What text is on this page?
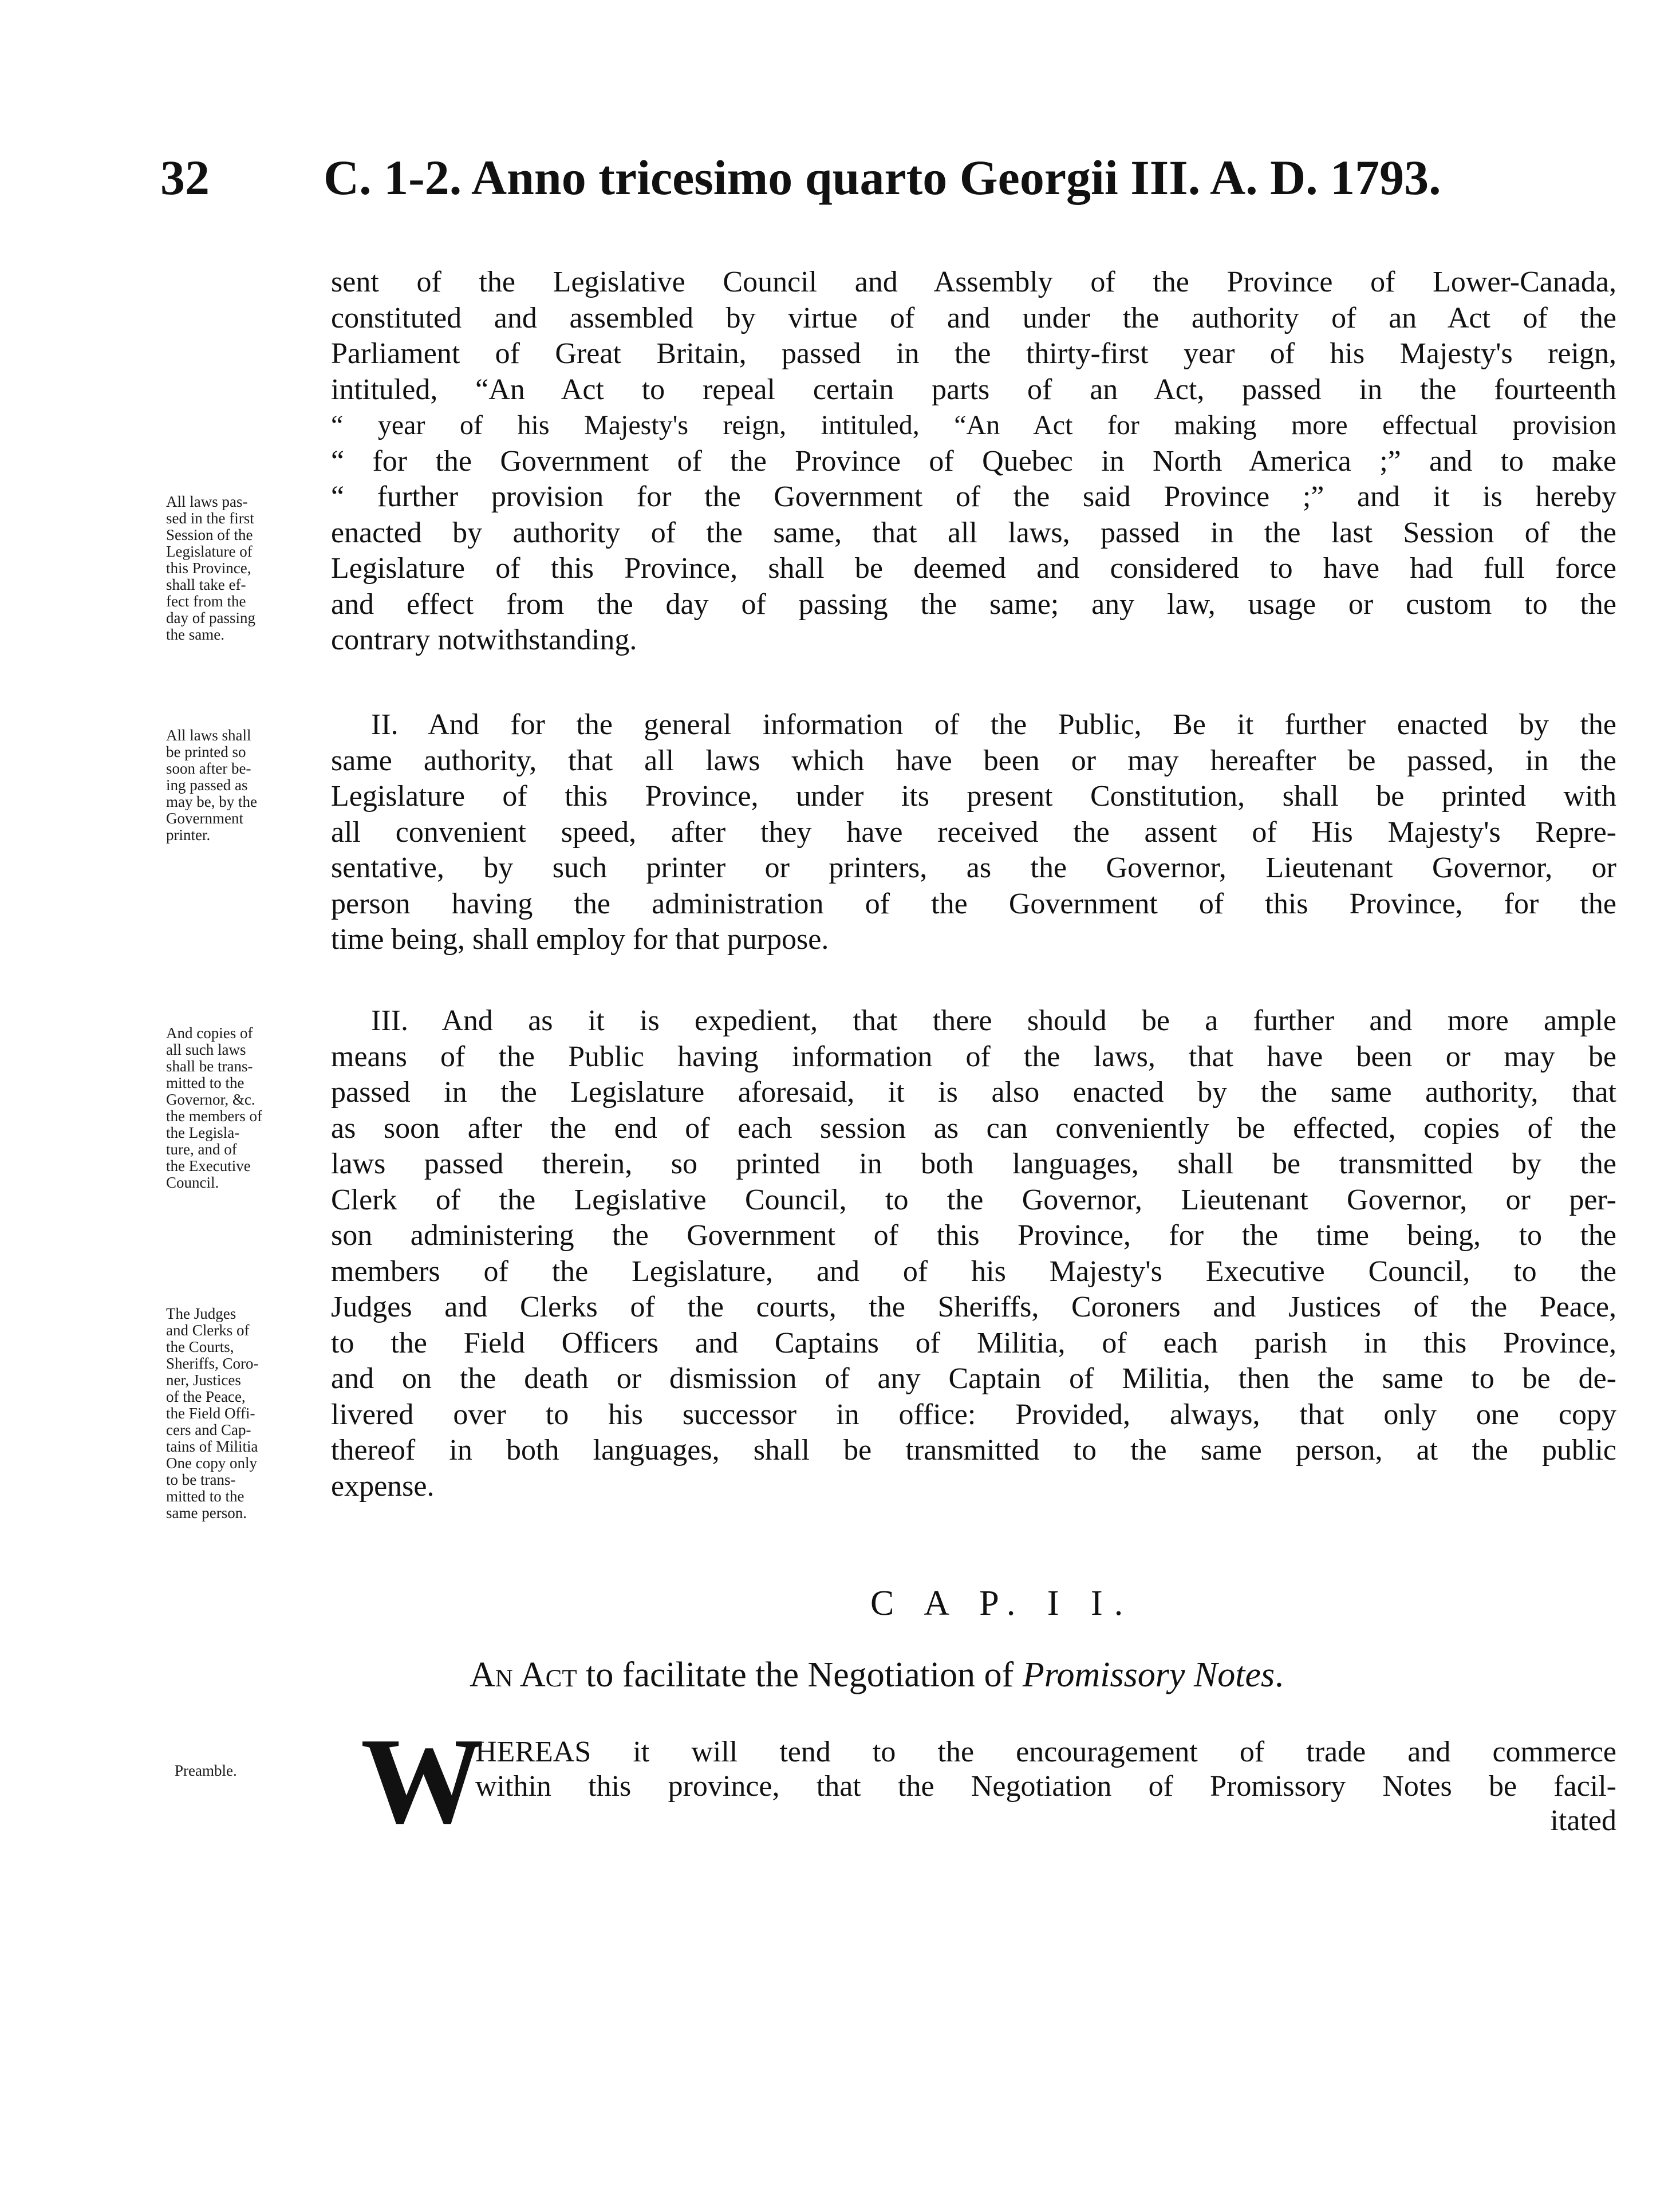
32 C. 1-2. Anno tricesimo quarto Georgii III. A. D. 1793.
sent of the Legislative Council and Assembly of the Province of Lower-Canada,
constituted and assembled by virtue of and under the authority of an Act of the
Parliament of Great Britain, passed in the thirty-first year of his Majesty's reign,
intituled, “An Act to repeal certain parts of an Act, passed in the fourteenth
“ year of his Majesty's reign, intituled, “An Act for making more effectual provision
“ for the Government of the Province of Quebec in North America ;” and to make
“ further provision for the Government of the said Province ;” and it is hereby
enacted by authority of the same, that all laws, passed in the last Session of the
Legislature of this Province, shall be deemed and considered to have had full force
and effect from the day of passing the same; any law, usage or custom to the
contrary notwithstanding.
II. And for the general information of the Public, Be it further enacted by the
same authority, that all laws which have been or may hereafter be passed, in the
Legislature of this Province, under its present Constitution, shall be printed with
all convenient speed, after they have received the assent of His Majesty's Repre-
sentative, by such printer or printers, as the Governor, Lieutenant Governor, or
person having the administration of the Government of this Province, for the
time being, shall employ for that purpose.
III. And as it is expedient, that there should be a further and more ample
means of the Public having information of the laws, that have been or may be
passed in the Legislature aforesaid, it is also enacted by the same authority, that
as soon after the end of each session as can conveniently be effected, copies of the
laws passed therein, so printed in both languages, shall be transmitted by the
Clerk of the Legislative Council, to the Governor, Lieutenant Governor, or per-
son administering the Government of this Province, for the time being, to the
members of the Legislature, and of his Majesty's Executive Council, to the
Judges and Clerks of the courts, the Sheriffs, Coroners and Justices of the Peace,
to the Field Officers and Captains of Militia, of each parish in this Province,
and on the death or dismission of any Captain of Militia, then the same to be de-
livered over to his successor in office: Provided, always, that only one copy
thereof in both languages, shall be transmitted to the same person, at the public
expense.
All laws pas-
sed in the first
Session of the
Legislature of
this Province,
shall take ef-
fect from the
day of passing
the same.
All laws shall
be printed so
soon after be-
ing passed as
may be, by the
Government
printer.
And copies of
all such laws
shall be trans-
mitted to the
Governor, &c.
the members of
the Legisla-
ture, and of
the Executive
Council.
The Judges
and Clerks of
the Courts,
Sheriffs, Coro-
ner, Justices
of the Peace,
the Field Offi-
cers and Cap-
tains of Militia
One copy only
to be trans-
mitted to the
same person.
Preamble.
C A P. I I.
An Act to facilitate the Negotiation of Promissory Notes.
W
HEREAS it will tend to the encouragement of trade and commerce
within this province, that the Negotiation of Promissory Notes be facil-
itated
